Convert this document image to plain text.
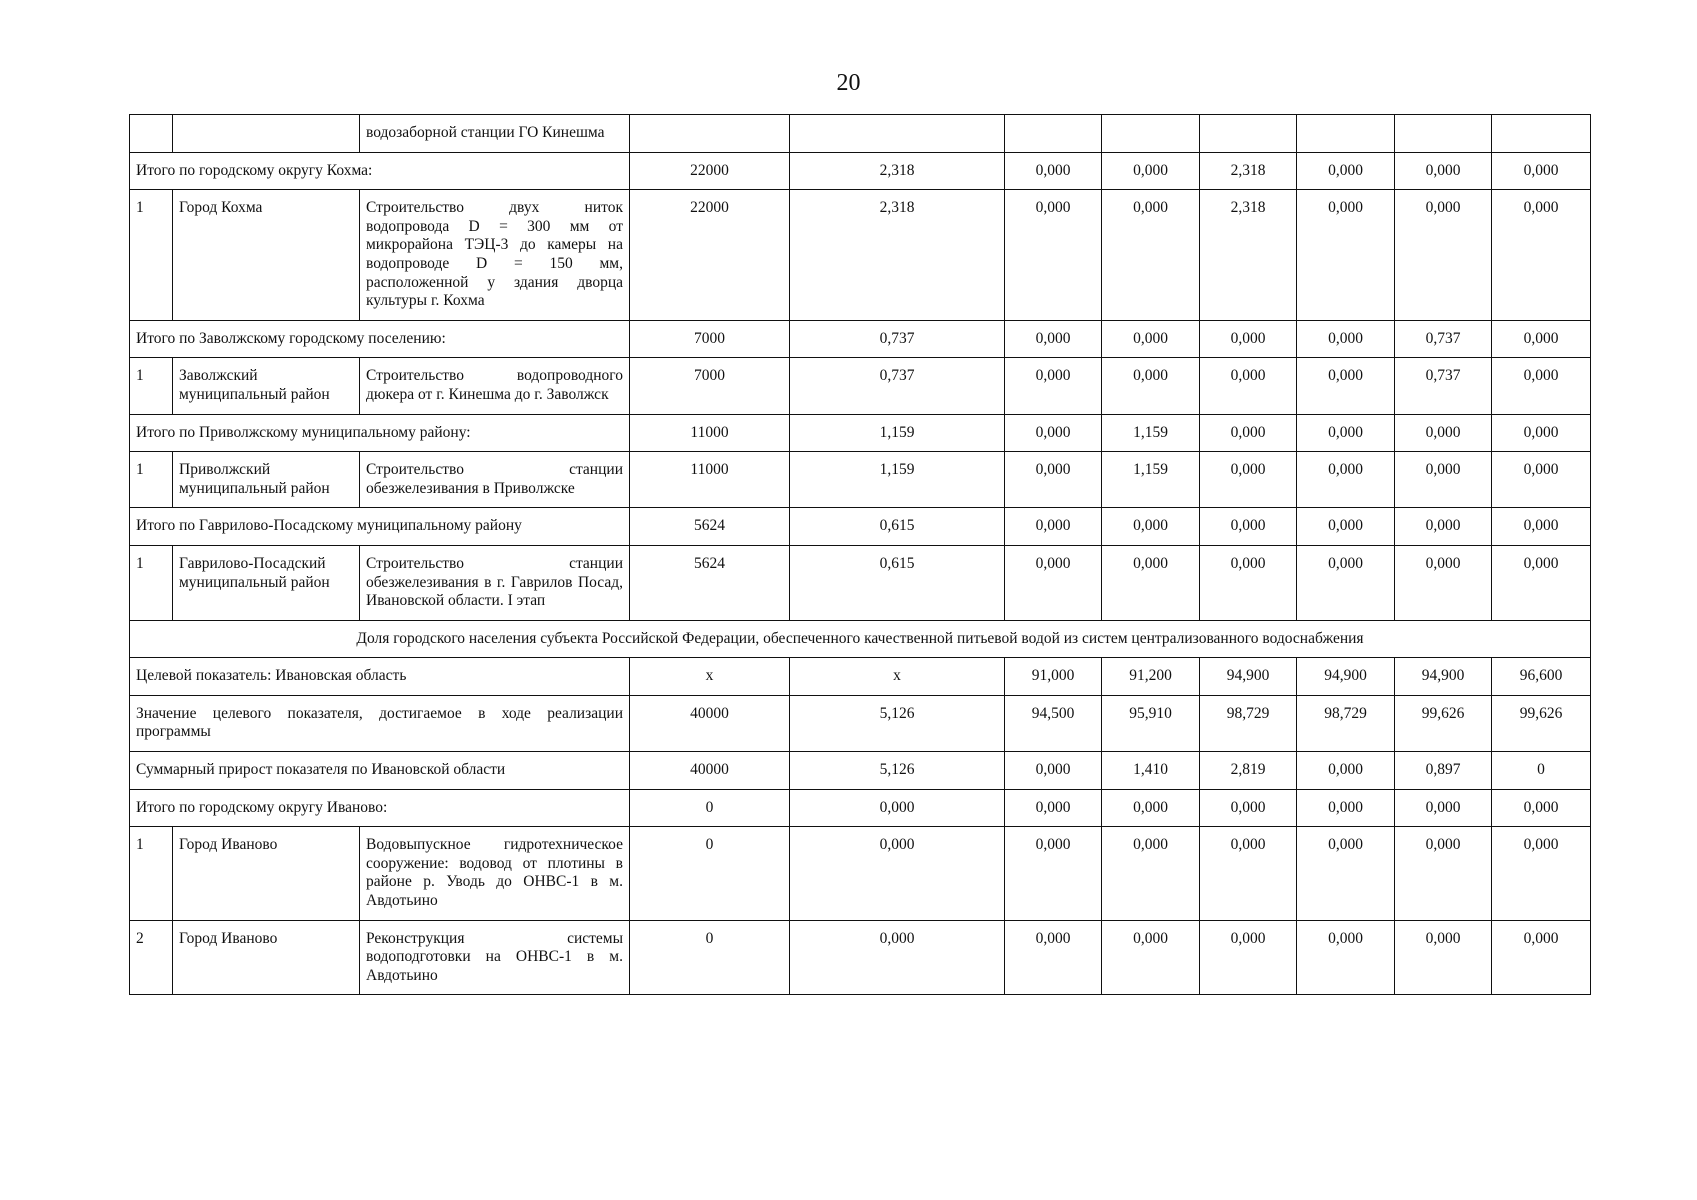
20
		водозаборной станции ГО Кинешма								
Итого по городскому округу Кохма:			22000	2,318	0,000	0,000	2,318	0,000	0,000	0,000
1	Город Кохма	Строительство двух ниток водопровода D = 300 мм от микрорайона ТЭЦ-3 до камеры на водопроводе D = 150 мм, расположенной у здания дворца культуры г. Кохма	22000	2,318	0,000	0,000	2,318	0,000	0,000	0,000
Итого по Заволжскому городскому поселению:			7000	0,737	0,000	0,000	0,000	0,000	0,737	0,000
1	Заволжский муниципальный район	Строительство водопроводного дюкера от г. Кинешма до г. Заволжск	7000	0,737	0,000	0,000	0,000	0,000	0,737	0,000
Итого по Приволжскому муниципальному району:			11000	1,159	0,000	1,159	0,000	0,000	0,000	0,000
1	Приволжский муниципальный район	Строительство станции обезжелезивания в Приволжске	11000	1,159	0,000	1,159	0,000	0,000	0,000	0,000
Итого по Гаврилово-Посадскому муниципальному району			5624	0,615	0,000	0,000	0,000	0,000	0,000	0,000
1	Гаврилово-Посадский муниципальный район	Строительство станции обезжелезивания в г. Гаврилов Посад, Ивановской области. I этап	5624	0,615	0,000	0,000	0,000	0,000	0,000	0,000
Доля городского населения субъекта Российской Федерации, обеспеченного качественной питьевой водой из систем централизованного водоснабжения										
Целевой показатель: Ивановская область			х	х	91,000	91,200	94,900	94,900	94,900	96,600
Значение целевого показателя, достигаемое в ходе реализации программы			40000	5,126	94,500	95,910	98,729	98,729	99,626	99,626
Суммарный прирост показателя по Ивановской области			40000	5,126	0,000	1,410	2,819	0,000	0,897	0
Итого по городскому округу Иваново:			0	0,000	0,000	0,000	0,000	0,000	0,000	0,000
1	Город Иваново	Водовыпускное гидротехническое сооружение: водовод от плотины в районе р. Уводь до ОНВС-1 в м. Авдотьино	0	0,000	0,000	0,000	0,000	0,000	0,000	0,000
2	Город Иваново	Реконструкция системы водоподготовки на ОНВС-1 в м. Авдотьино	0	0,000	0,000	0,000	0,000	0,000	0,000	0,000
